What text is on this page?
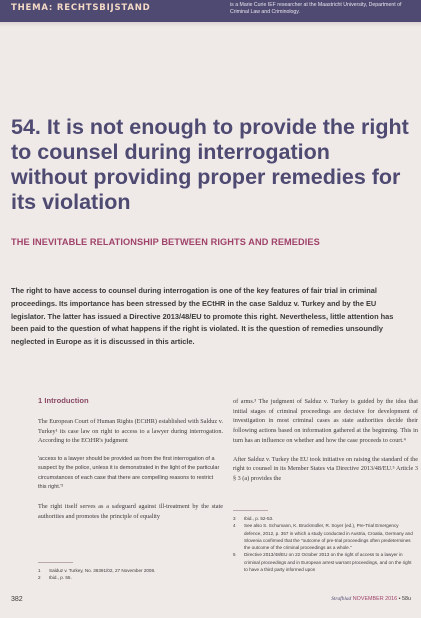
THEMA: RECHTSBIJSTAND	is a Marie Curie IEF researcher at the Maastricht University, Department of Criminal Law and Criminology.
54. It is not enough to provide the right to counsel during interrogation without providing proper remedies for its violation
THE INEVITABLE RELATIONSHIP BETWEEN RIGHTS AND REMEDIES

The right to have access to counsel during interrogation is one of the key features of fair trial in criminal proceedings. Its importance has been stressed by the ECtHR in the case Salduz v. Turkey and by the EU legislator. The latter has issued a Directive 2013/48/EU to promote this right. Nevertheless, little attention has been paid to the question of what happens if the right is violated. It is the question of remedies unsoundly neglected in Europe as it is discussed in this article.

1 Introduction

The European Court of Human Rights (ECtHR) established with Salduz v. Turkey¹ its case law on right to access to a lawyer during interrogation. According to the ECtHR's judgment

'access to a lawyer should be provided as from the first interrogation of a suspect by the police, unless it is demonstrated in the light of the particular circumstances of each case that there are compelling reasons to restrict this right.'²

The right itself serves as a safeguard against ill-treatment by the state authorities and promotes the principle of equality

1	Salduz v. Turkey, No. 36391/02, 27 November 2008.

2	Ibid., p. 55.

of arms.³ The judgment of Salduz v. Turkey is guided by the idea that initial stages of criminal proceedings are decisive for development of investigation in most criminal cases as state authorities decide their following actions based on information gathered at the beginning. This in turn has an influence on whether and how the case proceeds to court.⁴

After Salduz v. Turkey the EU took initiative on raising the standard of the right to counsel in its Member States via Directive 2013/48/EU.⁵ Article 3 § 3 (a) provides the

3	Ibid., p. 52-53.

4	See also S. Schumann, K. Bruckmüller, R. Soyer (ed.), Pre-Trial Emergency defence, 2012, p. 357 in which a study conducted in Austria, Croatia, Germany and Slovenia confirmed that the "outcome of pre-trial proceedings often predetermines the outcome of the criminal proceedings as a whole."

5	Directive 2013/48/EU on 22 October 2013 on the right of access to a lawyer in criminal proceedings and in European arrest warrant proceedings, and on the right to have a third party informed upon

382	Strafblad NOVEMBER 2016 • 58u
